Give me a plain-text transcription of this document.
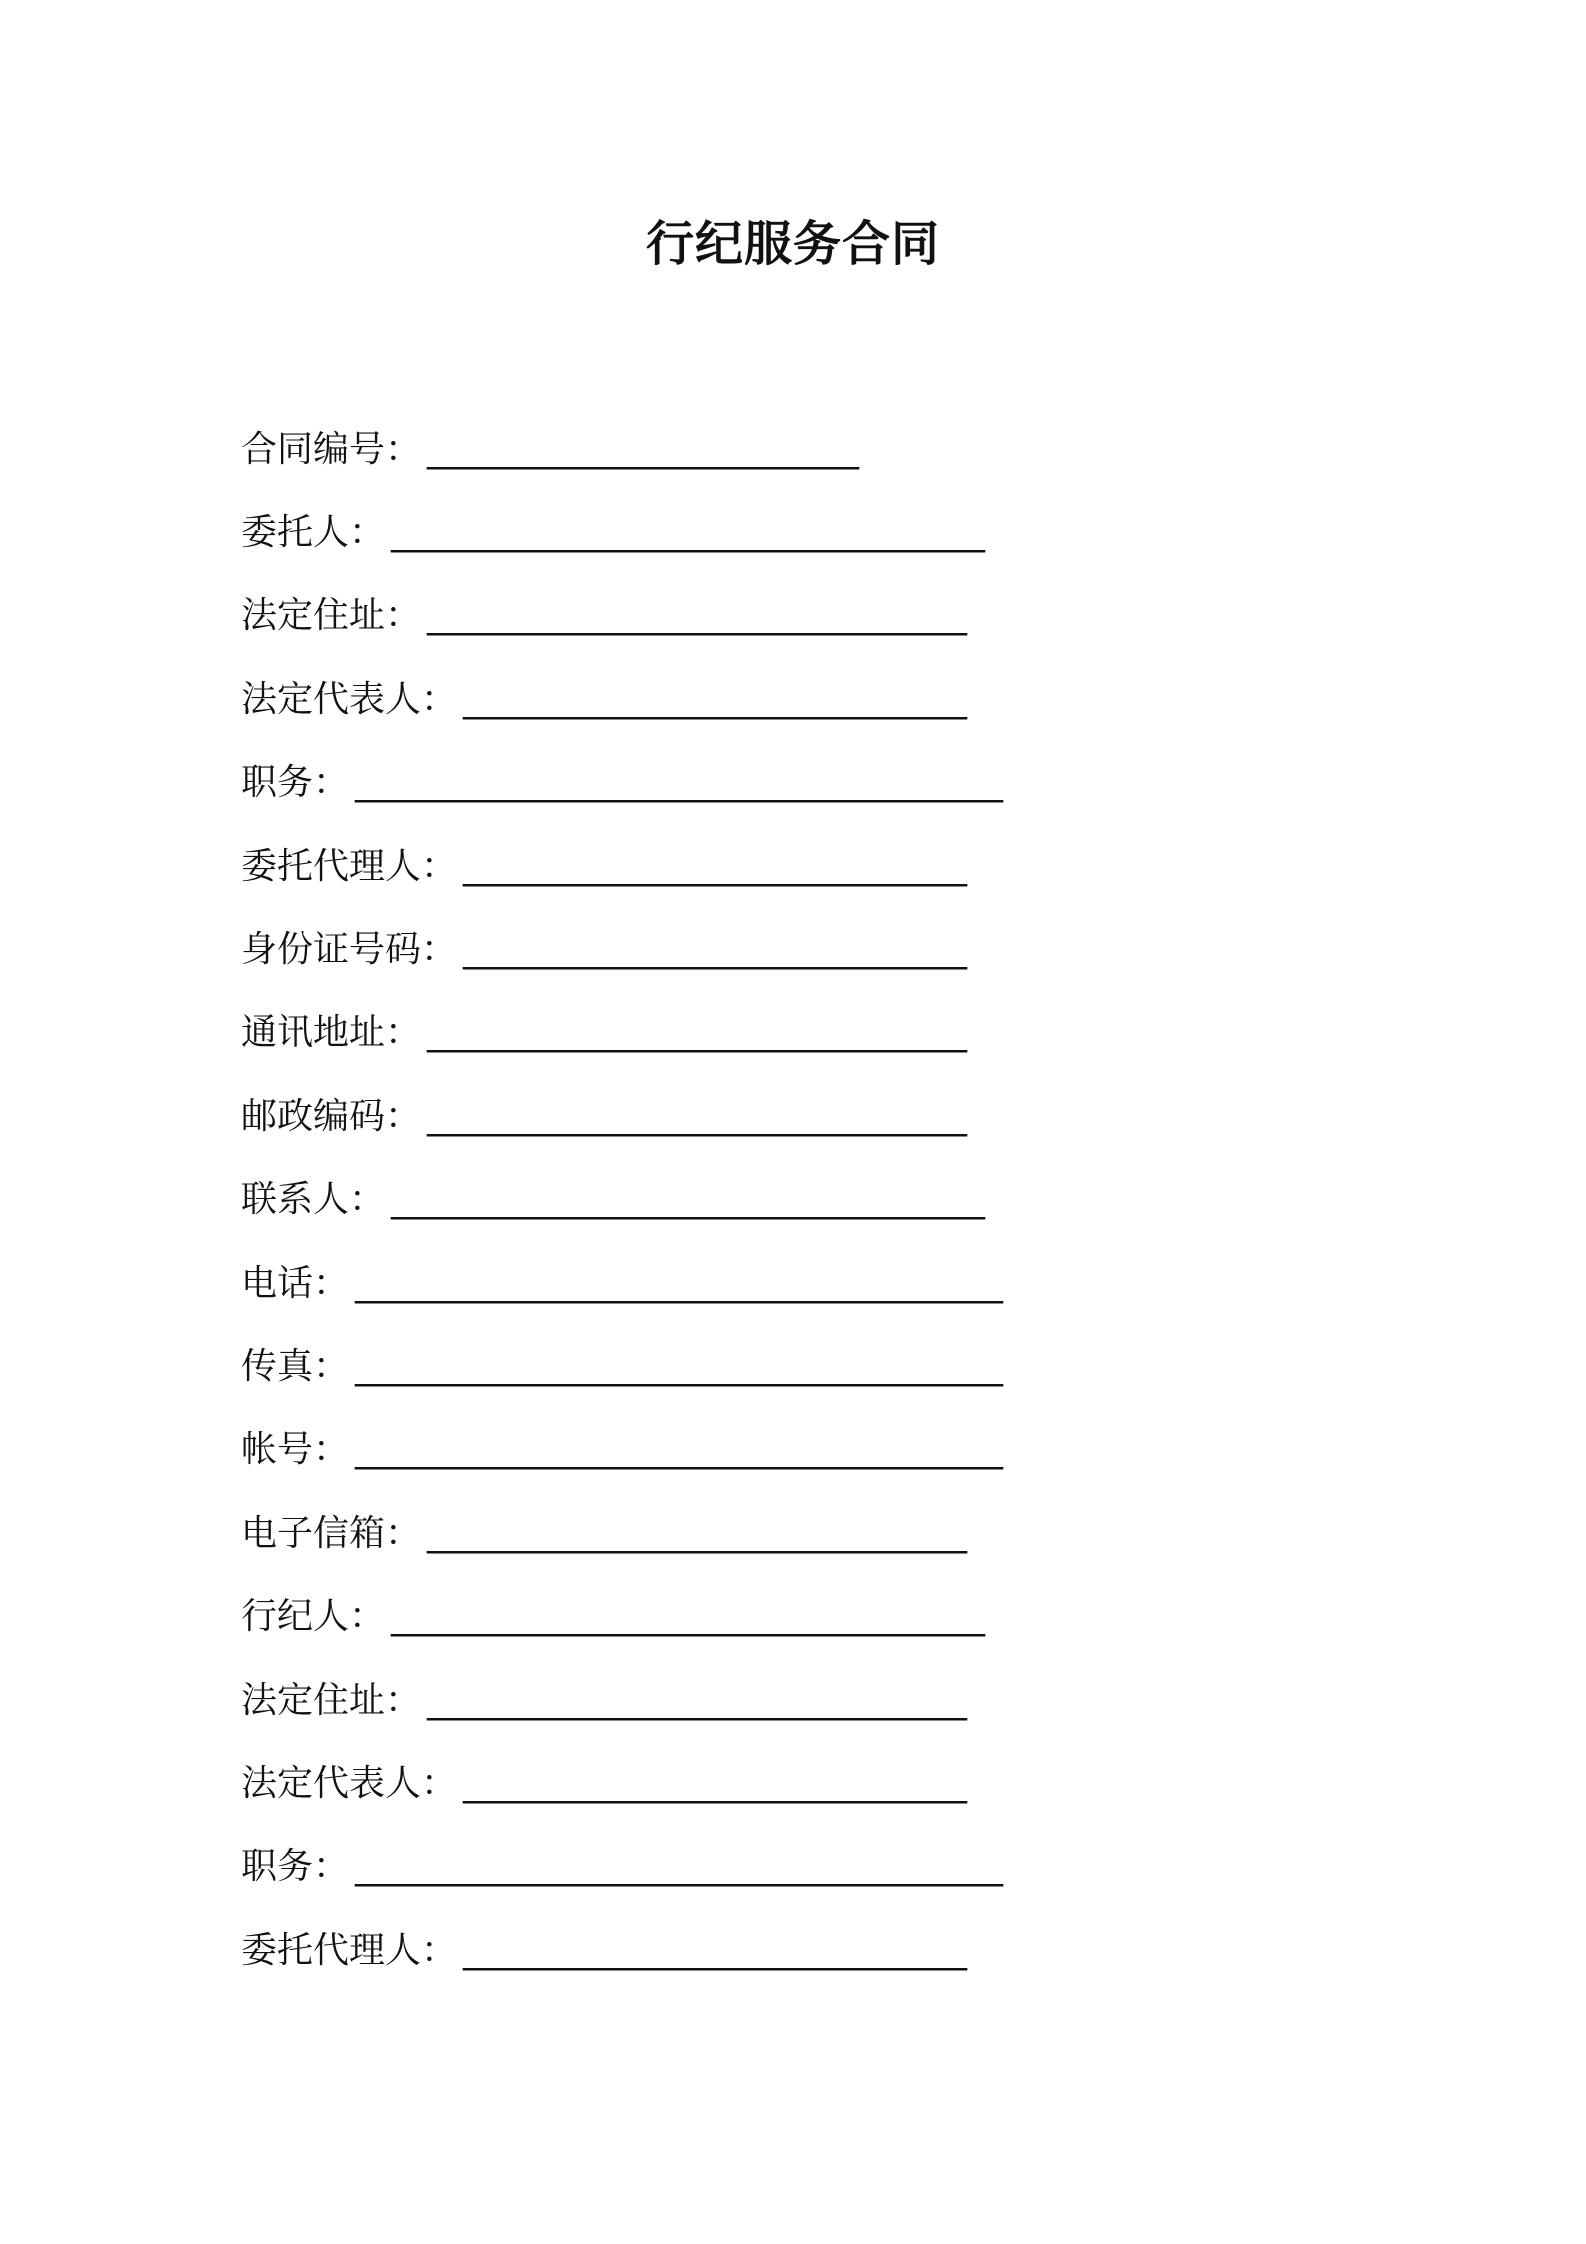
行纪服务合同
合同编号： ________________________
委托人： _________________________________
法定住址： ______________________________
法定代表人： ____________________________
职务： ____________________________________
委托代理人： ____________________________
身份证号码： ____________________________
通讯地址： ______________________________
邮政编码： ______________________________
联系人： _________________________________
电话： ____________________________________
传真： ____________________________________
帐号： ____________________________________
电子信箱： ______________________________
行纪人： _________________________________
法定住址： ______________________________
法定代表人： ____________________________
职务： ____________________________________
委托代理人： ____________________________
